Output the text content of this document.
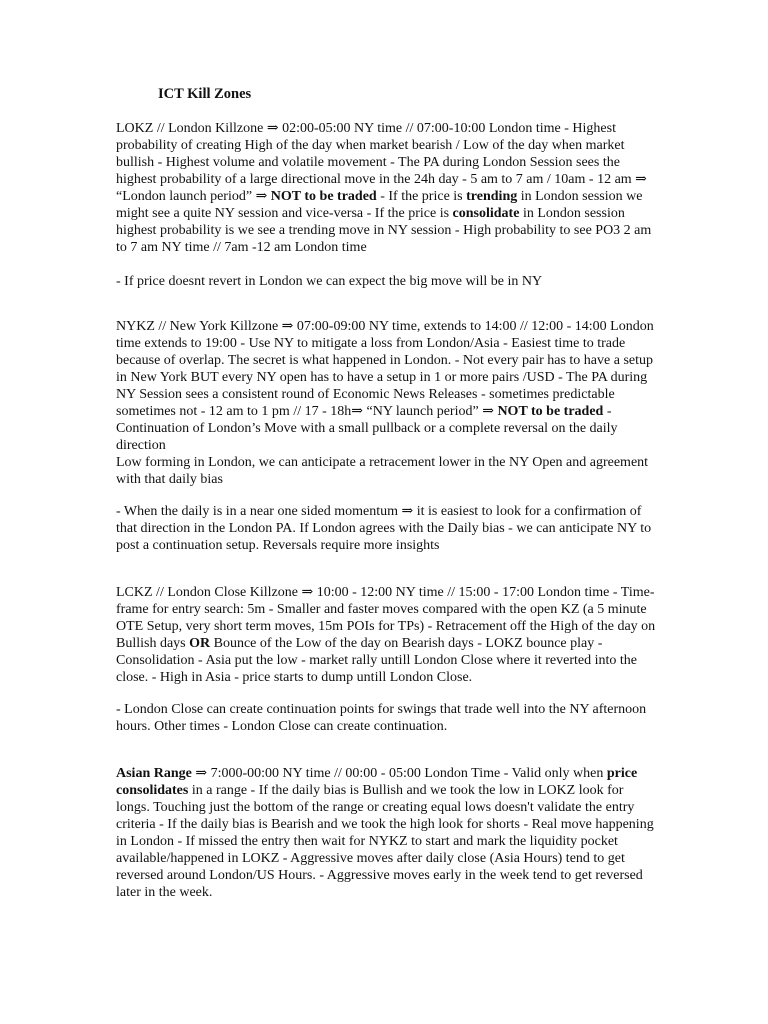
ICT Kill Zones

LOKZ // London Killzone ⇒ 02:00-05:00 NY time // 07:00-10:00 London time - Highest probability of creating High of the day when market bearish / Low of the day when market bullish - Highest volume and volatile movement - The PA during London Session sees the highest probability of a large directional move in the 24h day - 5 am to 7 am / 10am - 12 am ⇒ “London launch period” ⇒ NOT to be traded - If the price is trending in London session we might see a quite NY session and vice-versa - If the price is consolidate in London session highest probability is we see a trending move in NY session - High probability to see PO3 2 am to 7 am NY time // 7am -12 am London time

- If price doesnt revert in London we can expect the big move will be in NY

NYKZ // New York Killzone ⇒ 07:00-09:00 NY time, extends to 14:00 // 12:00 - 14:00 London time extends to 19:00 - Use NY to mitigate a loss from London/Asia - Easiest time to trade because of overlap. The secret is what happened in London. - Not every pair has to have a setup in New York BUT every NY open has to have a setup in 1 or more pairs /USD - The PA during NY Session sees a consistent round of Economic News Releases - sometimes predictable sometimes not - 12 am to 1 pm // 17 - 18h⇒ “NY launch period” ⇒ NOT to be traded - Continuation of London’s Move with a small pullback or a complete reversal on the daily direction
Low forming in London, we can anticipate a retracement lower in the NY Open and agreement with that daily bias

- When the daily is in a near one sided momentum ⇒ it is easiest to look for a confirmation of that direction in the London PA. If London agrees with the Daily bias - we can anticipate NY to post a continuation setup. Reversals require more insights

LCKZ // London Close Killzone ⇒ 10:00 - 12:00 NY time // 15:00 - 17:00 London time - Time-frame for entry search: 5m - Smaller and faster moves compared with the open KZ (a 5 minute OTE Setup, very short term moves, 15m POIs for TPs) - Retracement off the High of the day on Bullish days OR Bounce of the Low of the day on Bearish days - LOKZ bounce play - Consolidation - Asia put the low - market rally untill London Close where it reverted into the close. - High in Asia - price starts to dump untill London Close.

- London Close can create continuation points for swings that trade well into the NY afternoon hours. Other times - London Close can create continuation.

Asian Range ⇒ 7:000-00:00 NY time // 00:00 - 05:00 London Time - Valid only when price consolidates in a range - If the daily bias is Bullish and we took the low in LOKZ look for longs. Touching just the bottom of the range or creating equal lows doesn't validate the entry criteria - If the daily bias is Bearish and we took the high look for shorts - Real move happening in London - If missed the entry then wait for NYKZ to start and mark the liquidity pocket available/happened in LOKZ - Aggressive moves after daily close (Asia Hours) tend to get reversed around London/US Hours. - Aggressive moves early in the week tend to get reversed later in the week.
